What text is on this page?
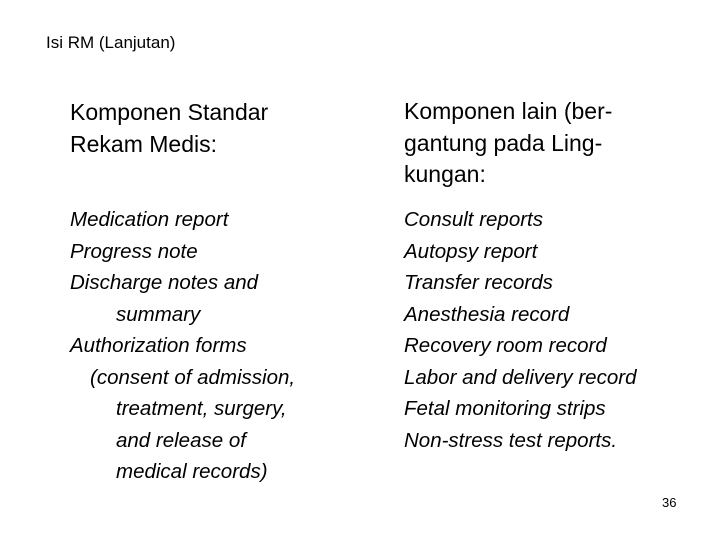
Isi RM (Lanjutan)
Komponen Standar
Rekam Medis:
Medication report
Progress note
Discharge notes and
summary
Authorization forms
(consent of admission,
treatment, surgery,
and release of
medical records)
Komponen lain (ber-
gantung pada Ling-
kungan:
Consult reports
Autopsy report
Transfer records
Anesthesia record
Recovery room record
Labor and delivery record
Fetal monitoring strips
Non-stress test reports.
36
